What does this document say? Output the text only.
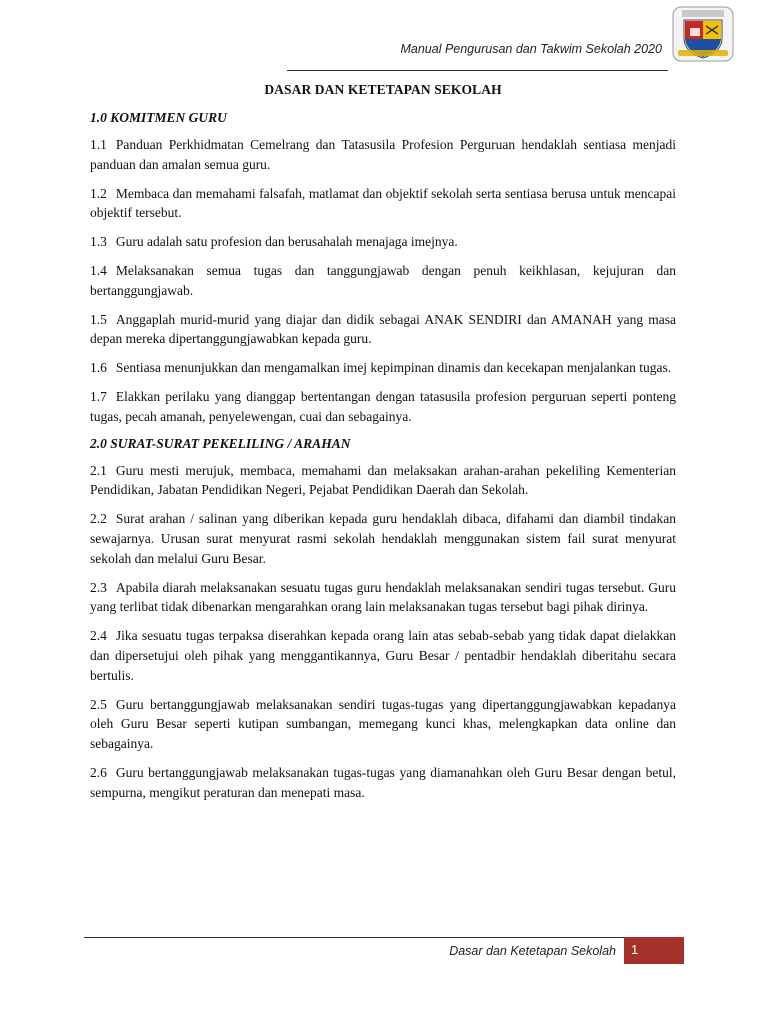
Manual Pengurusan dan Takwim Sekolah 2020
DASAR DAN KETETAPAN SEKOLAH
1.0 KOMITMEN GURU
1.1 Panduan Perkhidmatan Cemelrang dan Tatasusila Profesion Perguruan hendaklah sentiasa menjadi panduan dan amalan semua guru.
1.2 Membaca dan memahami falsafah, matlamat dan objektif sekolah serta sentiasa berusa untuk mencapai objektif tersebut.
1.3 Guru adalah satu profesion dan berusahalah menajaga imejnya.
1.4 Melaksanakan semua tugas dan tanggungjawab dengan penuh keikhlasan, kejujuran dan bertanggungjawab.
1.5 Anggaplah murid-murid yang diajar dan didik sebagai ANAK SENDIRI dan AMANAH yang masa depan mereka dipertanggungjawabkan kepada guru.
1.6 Sentiasa menunjukkan dan mengamalkan imej kepimpinan dinamis dan kecekapan menjalankan tugas.
1.7 Elakkan perilaku yang dianggap bertentangan dengan tatasusila profesion perguruan seperti ponteng tugas, pecah amanah, penyelewengan, cuai dan sebagainya.
2.0 SURAT-SURAT PEKELILING / ARAHAN
2.1 Guru mesti merujuk, membaca, memahami dan melaksakan arahan-arahan pekeliling Kementerian Pendidikan, Jabatan Pendidikan Negeri, Pejabat Pendidikan Daerah dan Sekolah.
2.2 Surat arahan / salinan yang diberikan kepada guru hendaklah dibaca, difahami dan diambil tindakan sewajarnya. Urusan surat menyurat rasmi sekolah hendaklah menggunakan sistem fail surat menyurat sekolah dan melalui Guru Besar.
2.3 Apabila diarah melaksanakan sesuatu tugas guru hendaklah melaksanakan sendiri tugas tersebut. Guru yang terlibat tidak dibenarkan mengarahkan orang lain melaksanakan tugas tersebut bagi pihak dirinya.
2.4 Jika sesuatu tugas terpaksa diserahkan kepada orang lain atas sebab-sebab yang tidak dapat dielakkan dan dipersetujui oleh pihak yang menggantikannya, Guru Besar / pentadbir hendaklah diberitahu secara bertulis.
2.5 Guru bertanggungjawab melaksanakan sendiri tugas-tugas yang dipertanggungjawabkan kepadanya oleh Guru Besar seperti kutipan sumbangan, memegang kunci khas, melengkapkan data online dan sebagainya.
2.6 Guru bertanggungjawab melaksanakan tugas-tugas yang diamanahkan oleh Guru Besar dengan betul, sempurna, mengikut peraturan dan menepati masa.
Dasar dan Ketetapan Sekolah	1
